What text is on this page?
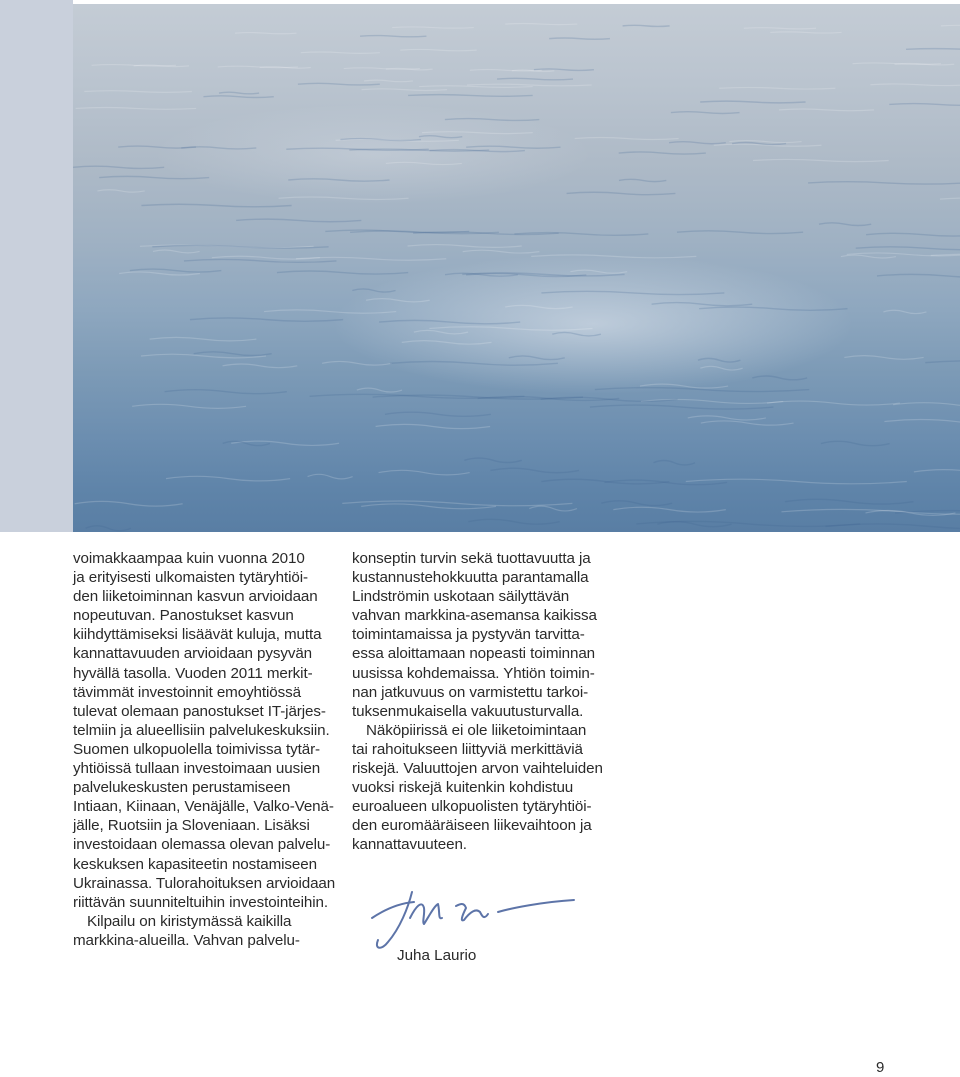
voimakkaampaa kuin vuonna 2010
ja erityisesti ulkomaisten tytäryhtiöi-
den liiketoiminnan kasvun arvioidaan
nopeutuvan. Panostukset kasvun
kiihdyttämiseksi lisäävät kuluja, mutta
kannattavuuden arvioidaan pysyvän
hyvällä tasolla. Vuoden 2011 merkit-
tävimmät investoinnit emoyhtiössä
tulevat olemaan panostukset IT-järjes-
telmiin ja alueellisiin palvelukeskuksiin.
Suomen ulkopuolella toimivissa tytär-
yhtiöissä tullaan investoimaan uusien
palvelukeskusten perustamiseen
Intiaan, Kiinaan, Venäjälle, Valko-Venä-
jälle, Ruotsiin ja Sloveniaan. Lisäksi
investoidaan olemassa olevan palvelu-
keskuksen kapasiteetin nostamiseen
Ukrainassa. Tulorahoituksen arvioidaan
riittävän suunniteltuihin investointeihin.

Kilpailu on kiristymässä kaikilla
markkina-alueilla. Vahvan palvelu-

konseptin turvin sekä tuottavuutta ja
kustannustehokkuutta parantamalla
Lindströmin uskotaan säilyttävän
vahvan markkina-asemansa kaikissa
toimintamaissa ja pystyvän tarvitta-
essa aloittamaan nopeasti toiminnan
uusissa kohdemaissa. Yhtiön toimin-
nan jatkuvuus on varmistettu tarkoi-
tuksenmukaisella vakuutusturvalla.

Näköpiirissä ei ole liiketoimintaan
tai rahoitukseen liittyviä merkittäviä
riskejä. Valuuttojen arvon vaihteluiden
vuoksi riskejä kuitenkin kohdistuu
euroalueen ulkopuolisten tytäryhtiöi-
den euromääräiseen liikevaihtoon ja
kannattavuuteen.

Juha Laurio
9
